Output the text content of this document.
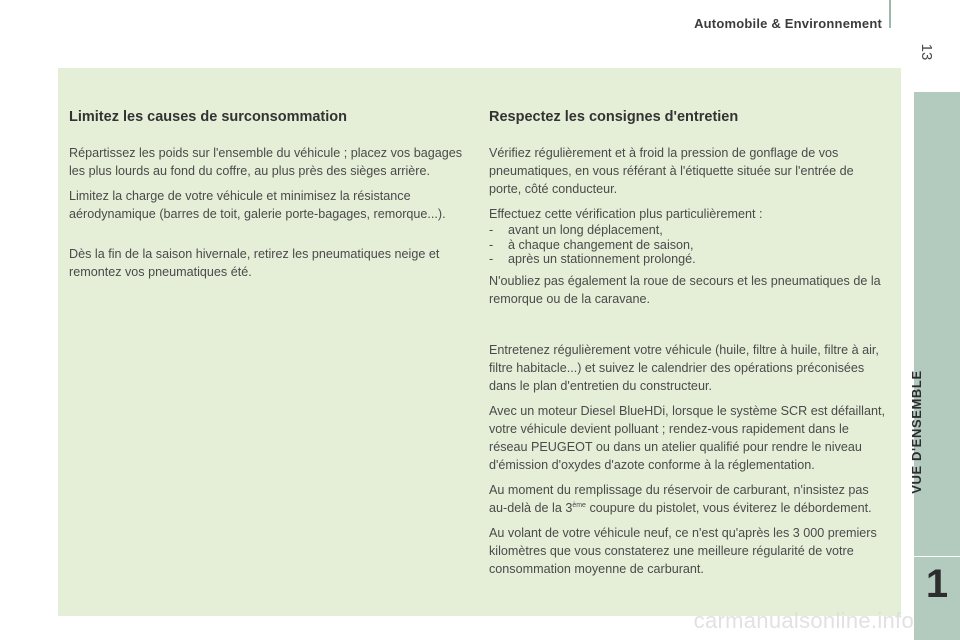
Automobile & Environnement
13
VUE D'ENSEMBLE
1
Limitez les causes de surconsommation

Répartissez les poids sur l'ensemble du véhicule ; placez vos bagages les plus lourds au fond du coffre, au plus près des sièges arrière.

Limitez la charge de votre véhicule et minimisez la résistance aérodynamique (barres de toit, galerie porte-bagages, remorque...).

Dès la fin de la saison hivernale, retirez les pneumatiques neige et remontez vos pneumatiques été.

Respectez les consignes d'entretien

Vérifiez régulièrement et à froid la pression de gonflage de vos pneumatiques, en vous référant à l'étiquette située sur l'entrée de porte, côté conducteur.

Effectuez cette vérification plus particulièrement :

- avant un long déplacement,
- à chaque changement de saison,
- après un stationnement prolongé.

N'oubliez pas également la roue de secours et les pneumatiques de la remorque ou de la caravane.

Entretenez régulièrement votre véhicule (huile, filtre à huile, filtre à air, filtre habitacle...) et suivez le calendrier des opérations préconisées dans le plan d'entretien du constructeur.

Avec un moteur Diesel BlueHDi, lorsque le système SCR est défaillant, votre véhicule devient polluant ; rendez-vous rapidement dans le réseau PEUGEOT ou dans un atelier qualifié pour rendre le niveau d'émission d'oxydes d'azote conforme à la réglementation.

Au moment du remplissage du réservoir de carburant, n'insistez pas au-delà de la 3ème coupure du pistolet, vous éviterez le débordement.

Au volant de votre véhicule neuf, ce n'est qu'après les 3 000 premiers kilomètres que vous constaterez une meilleure régularité de votre consommation moyenne de carburant.

carmanualsonline.info
